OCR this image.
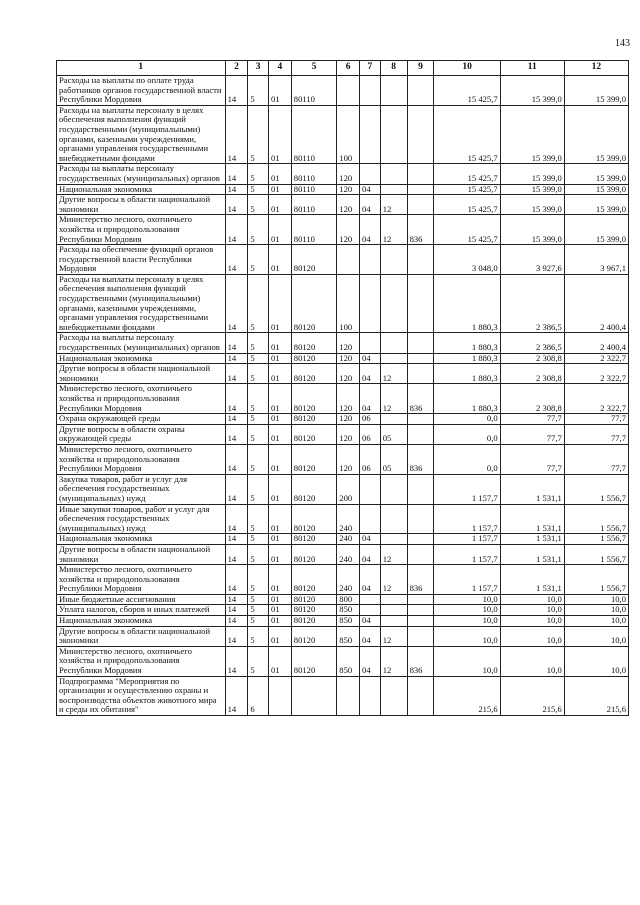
143
1	2	3	4	5	6	7	8	9	10	11	12
Расходы на выплаты по оплате труда работников органов государственной власти Республики Мордовия	14	5	01	80110					15 425,7	15 399,0	15 399,0
Расходы на выплаты персоналу в целях обеспечения выполнения функций государственными (муниципальными) органами, казенными учреждениями, органами управления государственными внебюджетными фондами	14	5	01	80110	100				15 425,7	15 399,0	15 399,0
Расходы на выплаты персоналу государственных (муниципальных) органов	14	5	01	80110	120				15 425,7	15 399,0	15 399,0
Национальная экономика	14	5	01	80110	120	04			15 425,7	15 399,0	15 399,0
Другие вопросы в области национальной экономики	14	5	01	80110	120	04	12		15 425,7	15 399,0	15 399,0
Министерство лесного, охотничьего хозяйства и природопользования Республики Мордовия	14	5	01	80110	120	04	12	836	15 425,7	15 399,0	15 399,0
Расходы на обеспечение функций органов государственной власти Республики Мордовия	14	5	01	80120					3 048,0	3 927,6	3 967,1
Расходы на выплаты персоналу в целях обеспечения выполнения функций государственными (муниципальными) органами, казенными учреждениями, органами управления государственными внебюджетными фондами	14	5	01	80120	100				1 880,3	2 386,5	2 400,4
Расходы на выплаты персоналу государственных (муниципальных) органов	14	5	01	80120	120				1 880,3	2 386,5	2 400,4
Национальная экономика	14	5	01	80120	120	04			1 880,3	2 308,8	2 322,7
Другие вопросы в области национальной экономики	14	5	01	80120	120	04	12		1 880,3	2 308,8	2 322,7
Министерство лесного, охотничьего хозяйства и природопользования Республики Мордовия	14	5	01	80120	120	04	12	836	1 880,3	2 308,8	2 322,7
Охрана окружающей среды	14	5	01	80120	120	06			0,0	77,7	77,7
Другие вопросы в области охраны окружающей среды	14	5	01	80120	120	06	05		0,0	77,7	77,7
Министерство лесного, охотничьего хозяйства и природопользования Республики Мордовия	14	5	01	80120	120	06	05	836	0,0	77,7	77,7
Закупка товаров, работ и услуг для обеспечения государственных (муниципальных) нужд	14	5	01	80120	200				1 157,7	1 531,1	1 556,7
Иные закупки товаров, работ и услуг для обеспечения государственных (муниципальных) нужд	14	5	01	80120	240				1 157,7	1 531,1	1 556,7
Национальная экономика	14	5	01	80120	240	04			1 157,7	1 531,1	1 556,7
Другие вопросы в области национальной экономики	14	5	01	80120	240	04	12		1 157,7	1 531,1	1 556,7
Министерство лесного, охотничьего хозяйства и природопользования Республики Мордовия	14	5	01	80120	240	04	12	836	1 157,7	1 531,1	1 556,7
Иные бюджетные ассигнования	14	5	01	80120	800				10,0	10,0	10,0
Уплата налогов, сборов и иных платежей	14	5	01	80120	850				10,0	10,0	10,0
Национальная экономика	14	5	01	80120	850	04			10,0	10,0	10,0
Другие вопросы в области национальной экономики	14	5	01	80120	850	04	12		10,0	10,0	10,0
Министерство лесного, охотничьего хозяйства и природопользования Республики Мордовия	14	5	01	80120	850	04	12	836	10,0	10,0	10,0
Подпрограмма "Мероприятия по организации и осуществлению охраны и воспроизводства объектов животного мира и среды их обитания"	14	6							215,6	215,6	215,6
